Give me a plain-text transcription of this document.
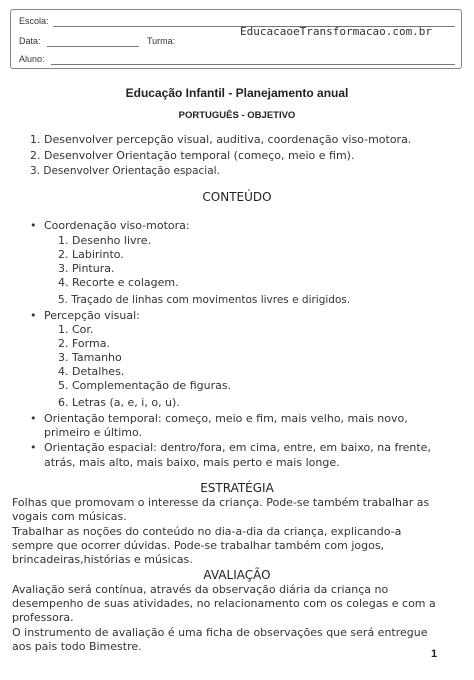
Escola:
Data:	Turma:
Aluno:
EducacaoeTransformacao.com.br
Educação Infantil - Planejamento anual
PORTUGUÊS - OBJETIVO
1. Desenvolver percepção visual, auditiva, coordenação viso-motora.
2. Desenvolver Orientação temporal (começo, meio e fim).
3. Desenvolver Orientação espacial.
CONTEÚDO
• Coordenação viso-motora:
1. Desenho livre.
2. Labirinto.
3. Pintura.
4. Recorte e colagem.
5. Traçado de linhas com movimentos livres e dirigidos.
• Percepção visual:
1. Cor.
2. Forma.
3. Tamanho
4. Detalhes.
5. Complementação de figuras.
6. Letras (a, e, i, o, u).
• Orientação temporal: começo, meio e fim, mais velho, mais novo,
primeiro e último.
• Orientação espacial: dentro/fora, em cima, entre, em baixo, na frente,
atrás, mais alto, mais baixo, mais perto e mais longe.
ESTRATÉGIA
Folhas que promovam o interesse da criança. Pode-se também trabalhar as
vogais com músicas.
Trabalhar as noções do conteúdo no dia-a-dia da criança, explicando-a
sempre que ocorrer dúvidas. Pode-se trabalhar também com jogos,
brincadeiras,histórias e músicas.
AVALIAÇÃO
Avaliação será contínua, através da observação diária da criança no
desempenho de suas atividades, no relacionamento com os colegas e com a
professora.
O instrumento de avaliação é uma ficha de observações que será entregue
aos pais todo Bimestre.
1
